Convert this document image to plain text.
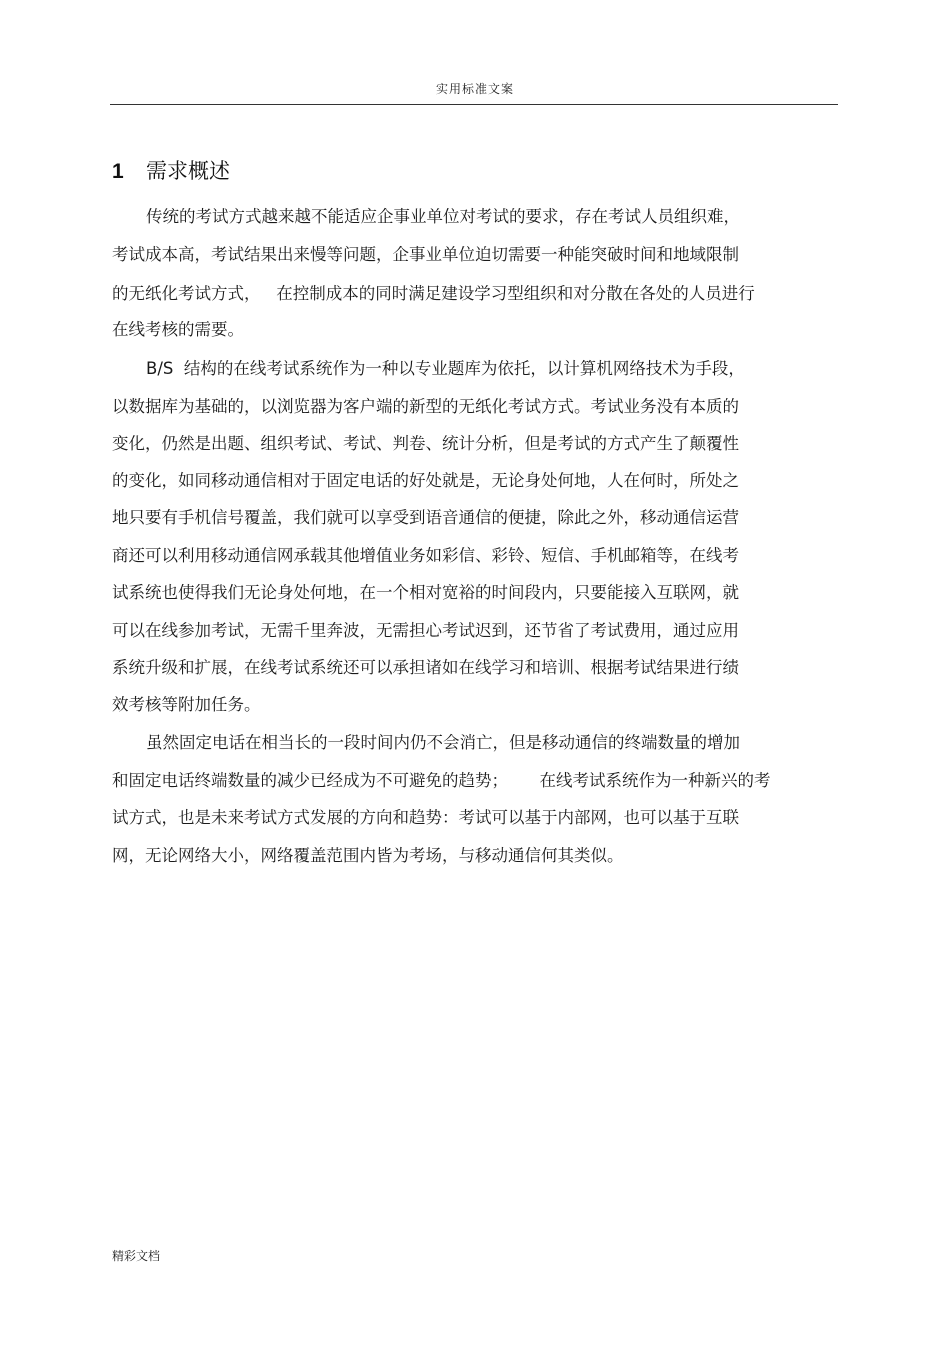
实用标准文案
1 需求概述
传统的考试方式越来越不能适应企事业单位对考试的要求，存在考试人员组织难，
考试成本高，考试结果出来慢等问题，企事业单位迫切需要一种能突破时间和地域限制
的无纸化考试方式，   在控制成本的同时满足建设学习型组织和对分散在各处的人员进行
在线考核的需要。
B/S  结构的在线考试系统作为一种以专业题库为依托，以计算机网络技术为手段，
以数据库为基础的，以浏览器为客户端的新型的无纸化考试方式。考试业务没有本质的
变化，仍然是出题、组织考试、考试、判卷、统计分析，但是考试的方式产生了颠覆性
的变化，如同移动通信相对于固定电话的好处就是，无论身处何地，人在何时，所处之
地只要有手机信号覆盖，我们就可以享受到语音通信的便捷，除此之外，移动通信运营
商还可以利用移动通信网承载其他增值业务如彩信、彩铃、短信、手机邮箱等，在线考
试系统也使得我们无论身处何地，在一个相对宽裕的时间段内，只要能接入互联网，就
可以在线参加考试，无需千里奔波，无需担心考试迟到，还节省了考试费用，通过应用
系统升级和扩展，在线考试系统还可以承担诸如在线学习和培训、根据考试结果进行绩
效考核等附加任务。
虽然固定电话在相当长的一段时间内仍不会消亡，但是移动通信的终端数量的增加
和固定电话终端数量的减少已经成为不可避免的趋势；      在线考试系统作为一种新兴的考
试方式，也是未来考试方式发展的方向和趋势：考试可以基于内部网，也可以基于互联
网，无论网络大小，网络覆盖范围内皆为考场，与移动通信何其类似。
精彩文档
